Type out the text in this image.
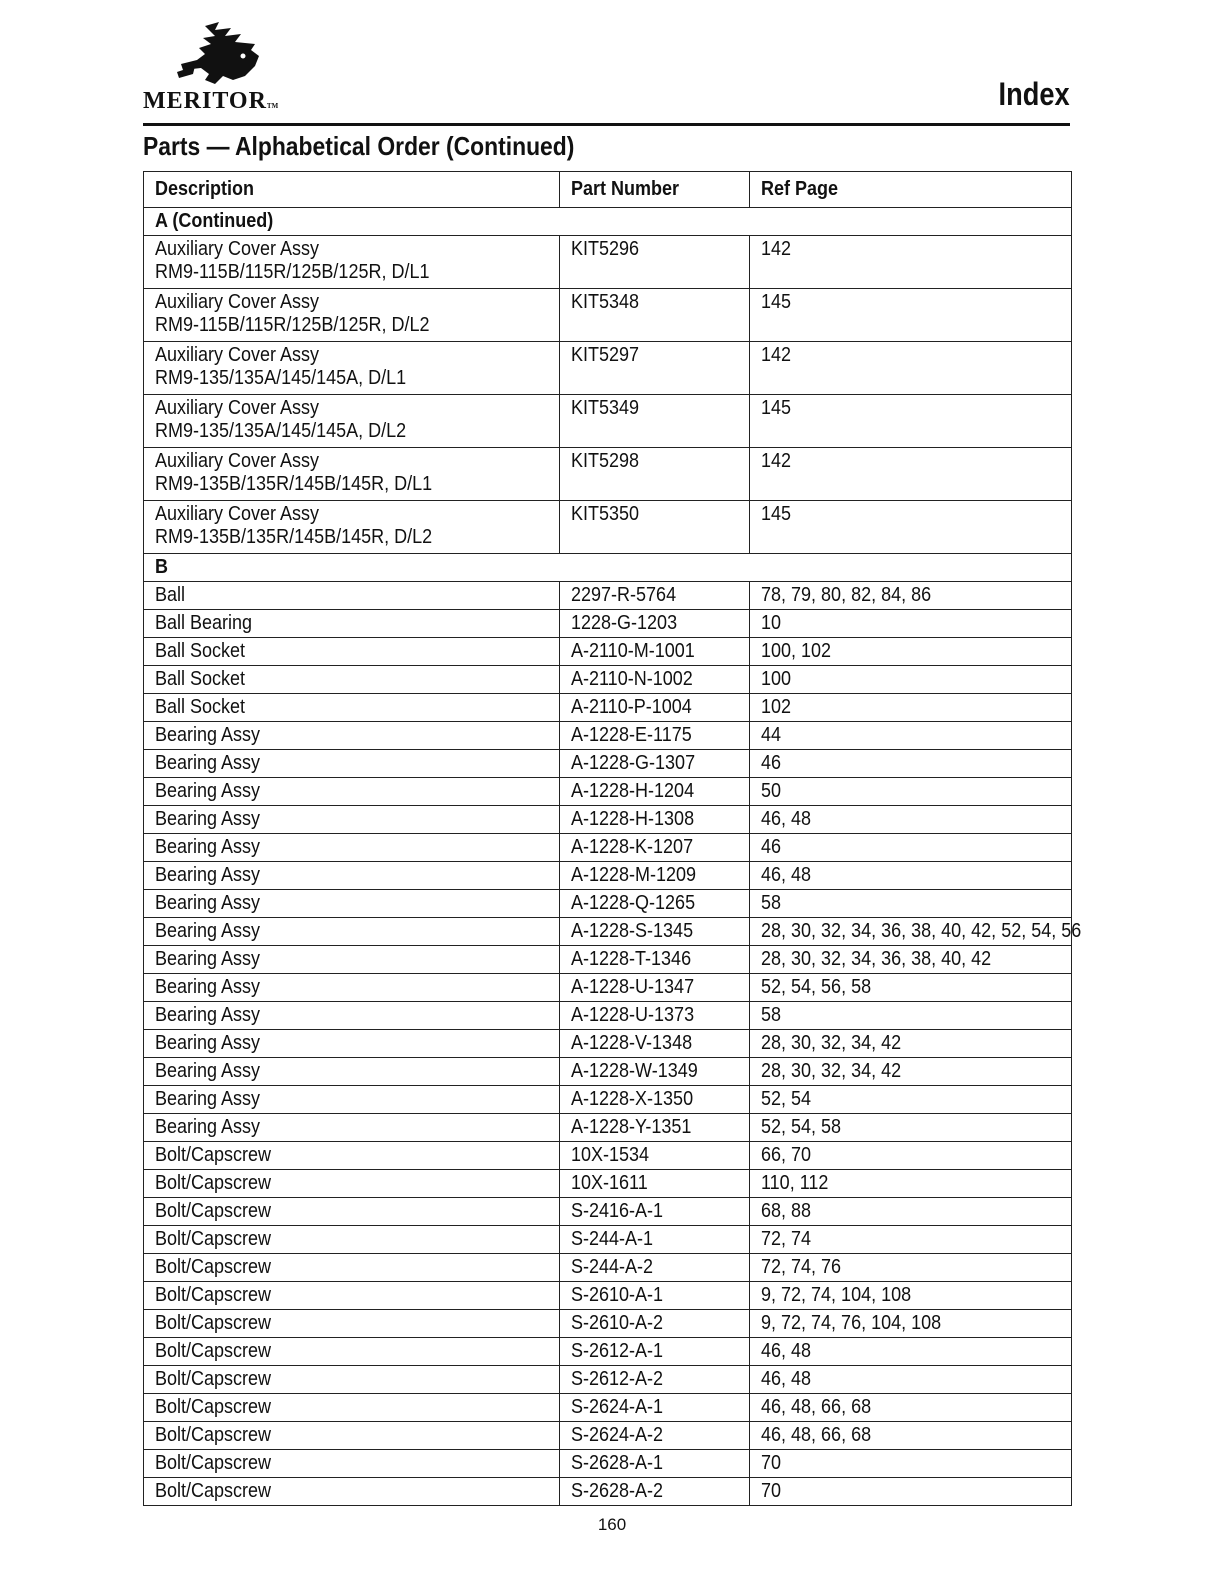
MERITORTM	Index
Parts — Alphabetical Order (Continued)
Description	Part Number	Ref Page
A (Continued)		
Auxiliary Cover Assy
RM9-115B/115R/125B/125R, D/L1	KIT5296	142
Auxiliary Cover Assy
RM9-115B/115R/125B/125R, D/L2	KIT5348	145
Auxiliary Cover Assy
RM9-135/135A/145/145A, D/L1	KIT5297	142
Auxiliary Cover Assy
RM9-135/135A/145/145A, D/L2	KIT5349	145
Auxiliary Cover Assy
RM9-135B/135R/145B/145R, D/L1	KIT5298	142
Auxiliary Cover Assy
RM9-135B/135R/145B/145R, D/L2	KIT5350	145
B		
Ball	2297-R-5764	78, 79, 80, 82, 84, 86
Ball Bearing	1228-G-1203	10
Ball Socket	A-2110-M-1001	100, 102
Ball Socket	A-2110-N-1002	100
Ball Socket	A-2110-P-1004	102
Bearing Assy	A-1228-E-1175	44
Bearing Assy	A-1228-G-1307	46
Bearing Assy	A-1228-H-1204	50
Bearing Assy	A-1228-H-1308	46, 48
Bearing Assy	A-1228-K-1207	46
Bearing Assy	A-1228-M-1209	46, 48
Bearing Assy	A-1228-Q-1265	58
Bearing Assy	A-1228-S-1345	28, 30, 32, 34, 36, 38, 40, 42, 52, 54, 56
Bearing Assy	A-1228-T-1346	28, 30, 32, 34, 36, 38, 40, 42
Bearing Assy	A-1228-U-1347	52, 54, 56, 58
Bearing Assy	A-1228-U-1373	58
Bearing Assy	A-1228-V-1348	28, 30, 32, 34, 42
Bearing Assy	A-1228-W-1349	28, 30, 32, 34, 42
Bearing Assy	A-1228-X-1350	52, 54
Bearing Assy	A-1228-Y-1351	52, 54, 58
Bolt/Capscrew	10X-1534	66, 70
Bolt/Capscrew	10X-1611	110, 112
Bolt/Capscrew	S-2416-A-1	68, 88
Bolt/Capscrew	S-244-A-1	72, 74
Bolt/Capscrew	S-244-A-2	72, 74, 76
Bolt/Capscrew	S-2610-A-1	9, 72, 74, 104, 108
Bolt/Capscrew	S-2610-A-2	9, 72, 74, 76, 104, 108
Bolt/Capscrew	S-2612-A-1	46, 48
Bolt/Capscrew	S-2612-A-2	46, 48
Bolt/Capscrew	S-2624-A-1	46, 48, 66, 68
Bolt/Capscrew	S-2624-A-2	46, 48, 66, 68
Bolt/Capscrew	S-2628-A-1	70
Bolt/Capscrew	S-2628-A-2	70
160
